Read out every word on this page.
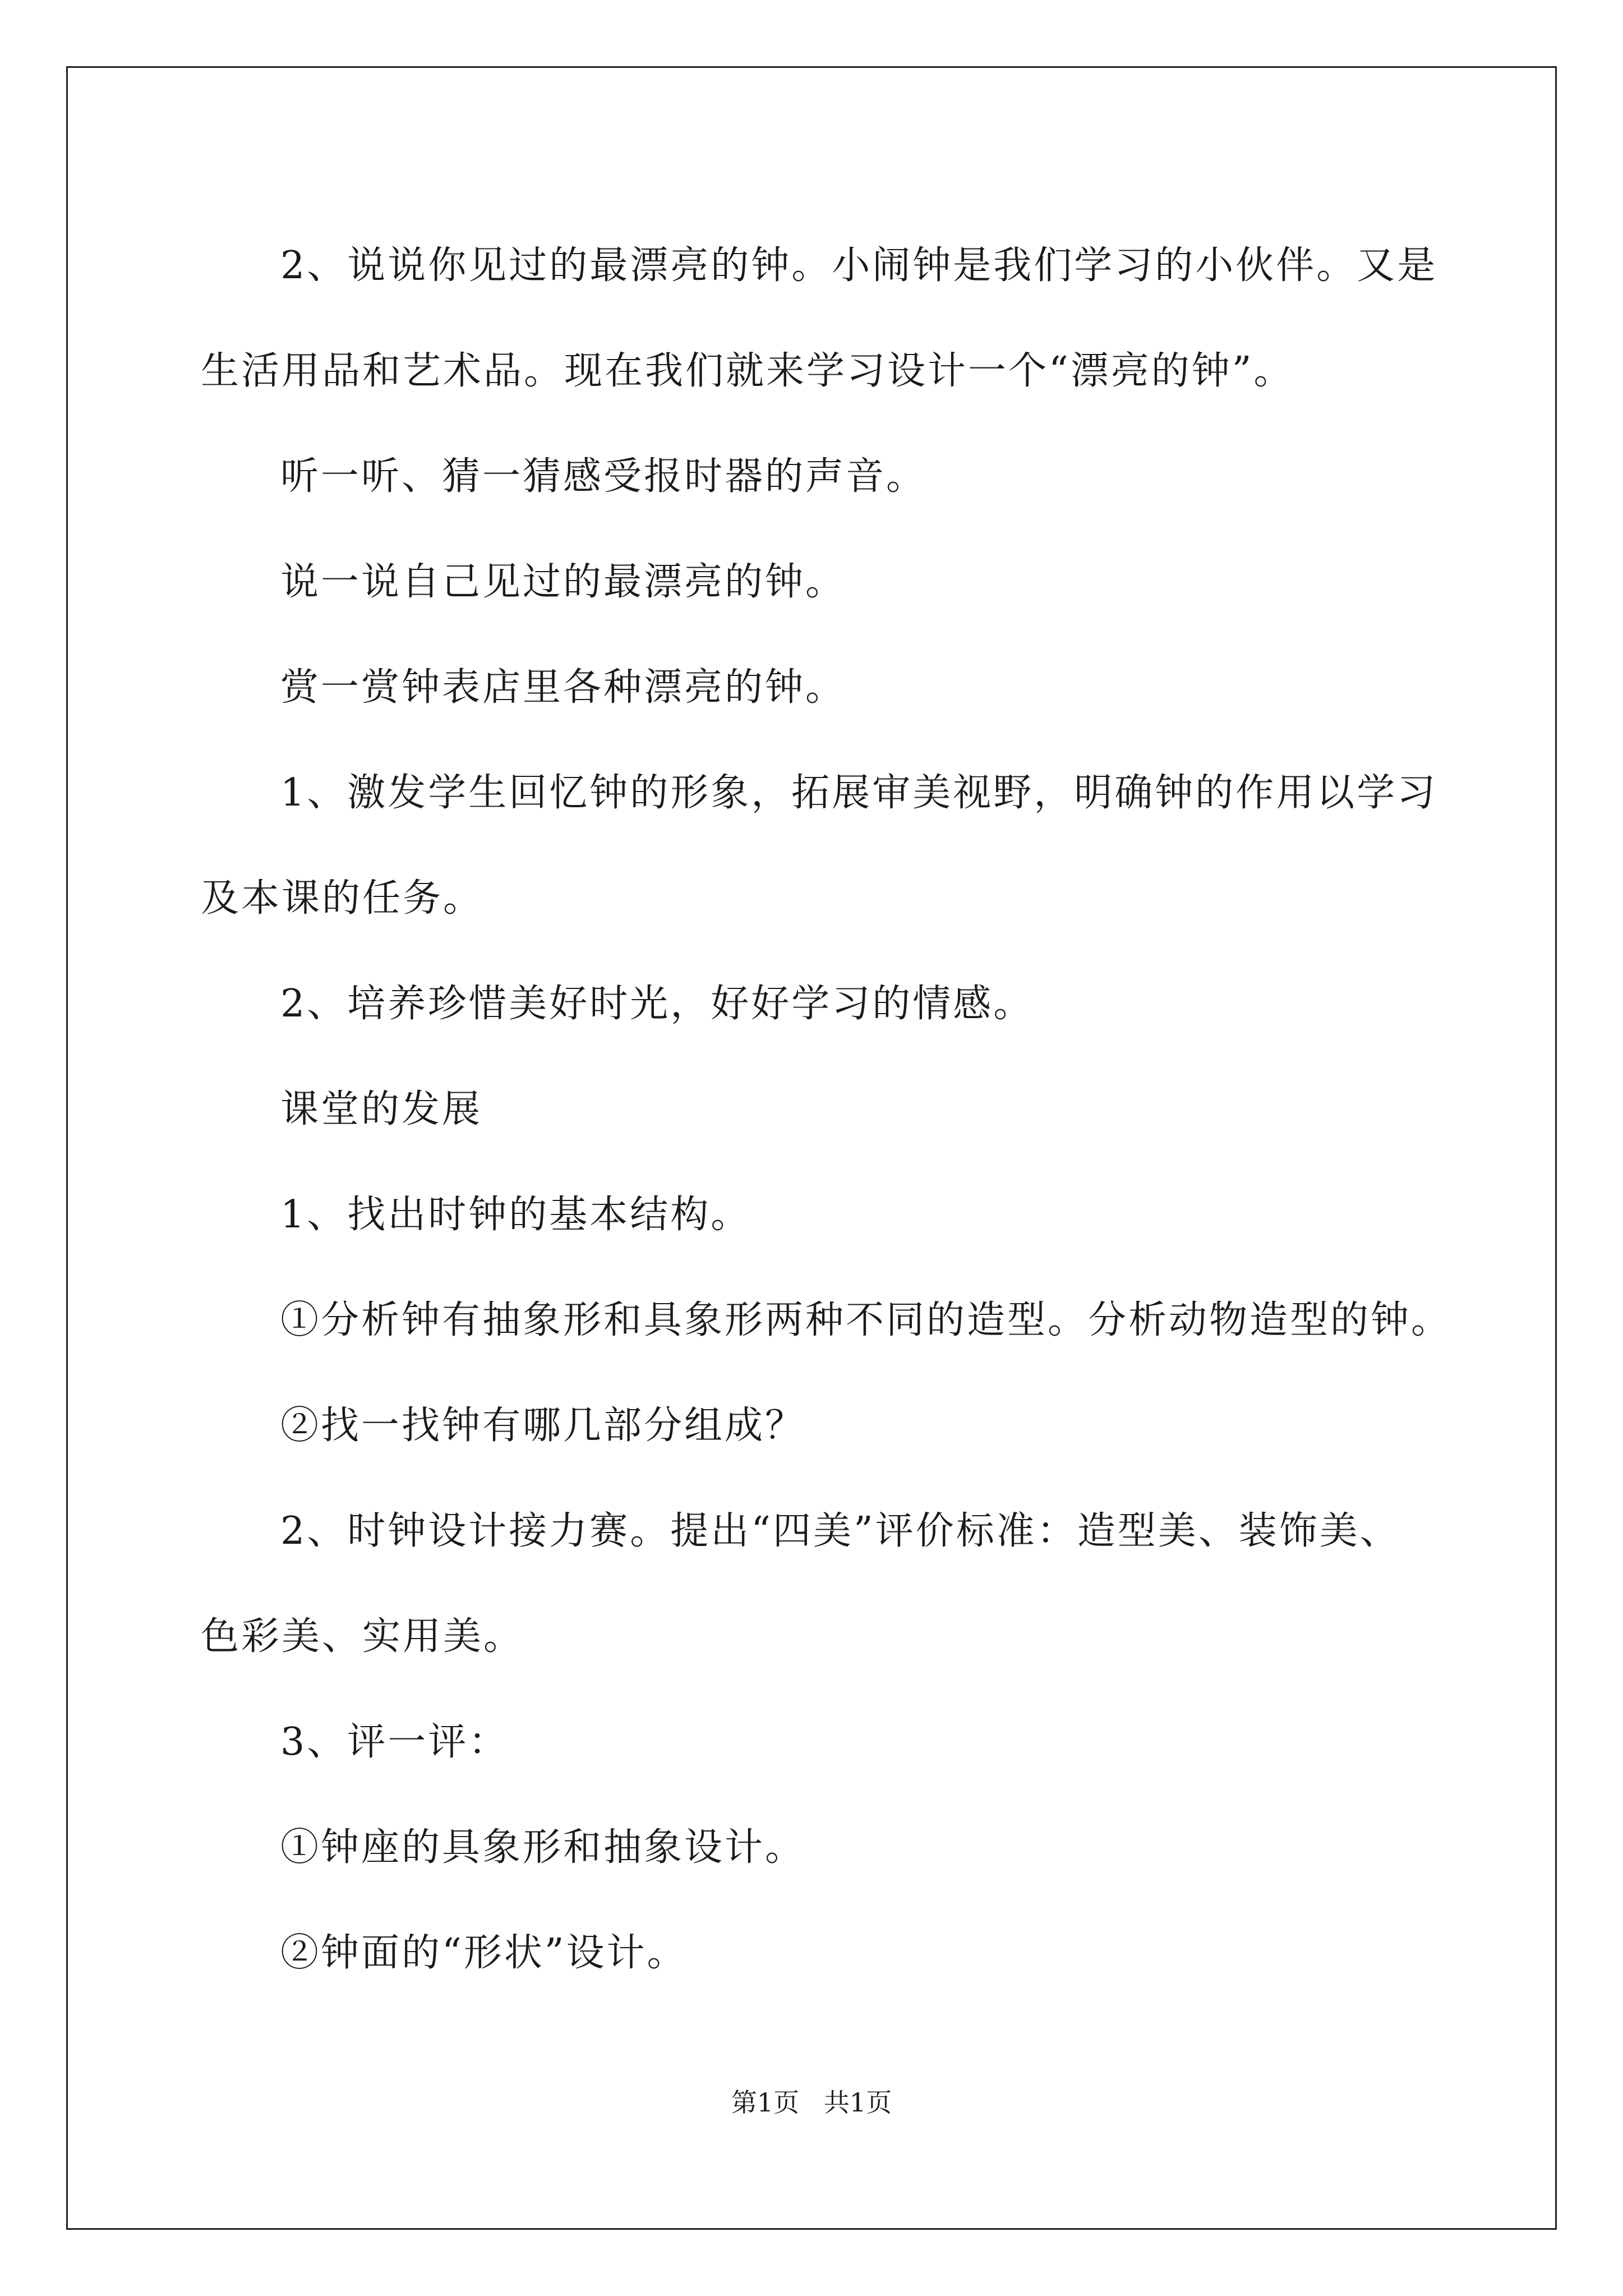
2、说说你见过的最漂亮的钟。小闹钟是我们学习的小伙伴。又是

生活用品和艺术品。现在我们就来学习设计一个“漂亮的钟”。

听一听、猜一猜感受报时器的声音。

说一说自己见过的最漂亮的钟。

赏一赏钟表店里各种漂亮的钟。

1、激发学生回忆钟的形象，拓展审美视野，明确钟的作用以学习

及本课的任务。

2、培养珍惜美好时光，好好学习的情感。

课堂的发展

1、找出时钟的基本结构。

①分析钟有抽象形和具象形两种不同的造型。分析动物造型的钟。

②找一找钟有哪几部分组成？

2、时钟设计接力赛。提出“四美”评价标准：造型美、装饰美、

色彩美、实用美。

3、评一评：

①钟座的具象形和抽象设计。

②钟面的“形状”设计。

第1页   共1页
